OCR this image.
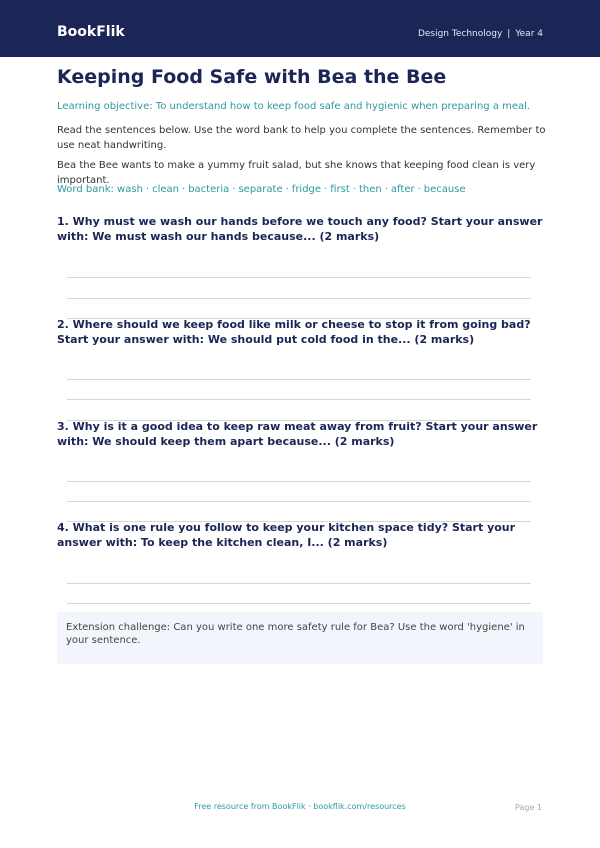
BookFlik	Design Technology | Year 4
Keeping Food Safe with Bea the Bee
Learning objective: To understand how to keep food safe and hygienic when preparing a meal.
Read the sentences below. Use the word bank to help you complete the sentences. Remember to use neat handwriting.
Bea the Bee wants to make a yummy fruit salad, but she knows that keeping food clean is very important.
Word bank: wash · clean · bacteria · separate · fridge · first · then · after · because
1. Why must we wash our hands before we touch any food? Start your answer with: We must wash our hands because... (2 marks)
2. Where should we keep food like milk or cheese to stop it from going bad? Start your answer with: We should put cold food in the... (2 marks)
3. Why is it a good idea to keep raw meat away from fruit? Start your answer with: We should keep them apart because... (2 marks)
4. What is one rule you follow to keep your kitchen space tidy? Start your answer with: To keep the kitchen clean, I... (2 marks)
Extension challenge: Can you write one more safety rule for Bea? Use the word 'hygiene' in your sentence.
Free resource from BookFlik · bookflik.com/resources	Page 1
